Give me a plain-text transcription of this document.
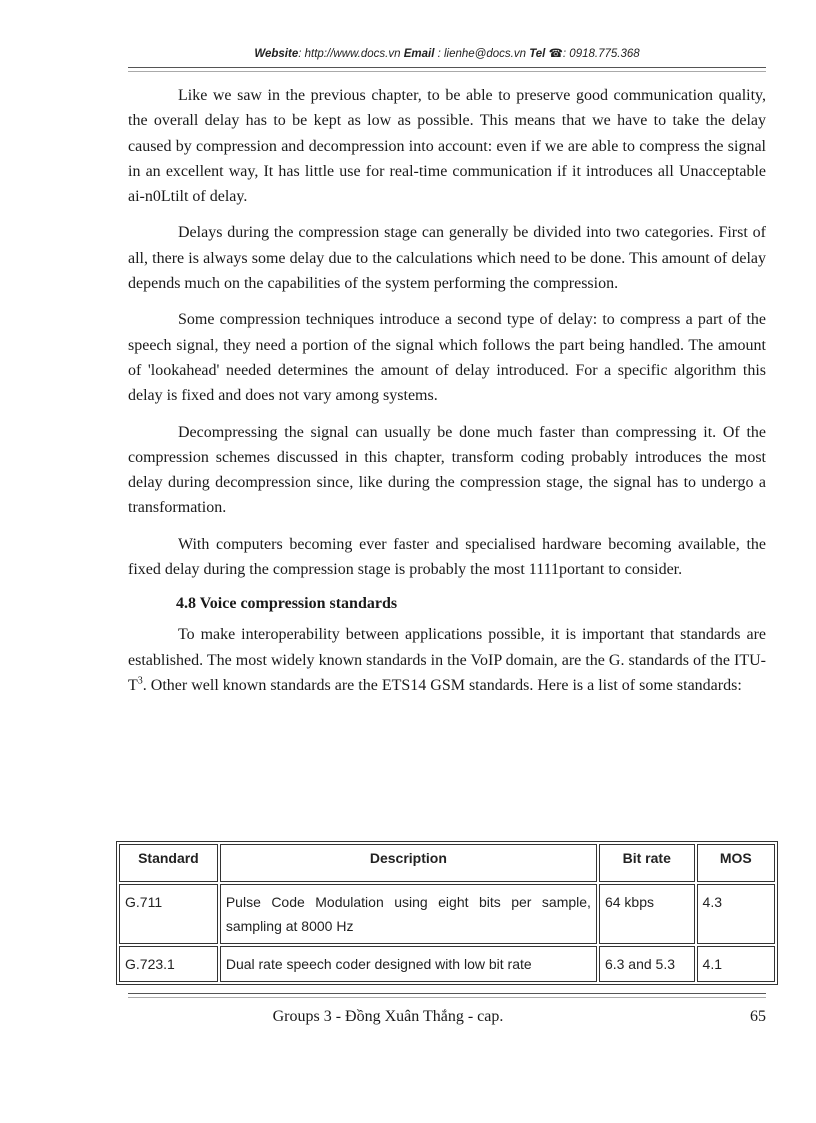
Website: http://www.docs.vn Email : lienhe@docs.vn Tel ☎: 0918.775.368

Like we saw in the previous chapter, to be able to preserve good communication quality, the overall delay has to be kept as low as possible. This means that we have to take the delay caused by compression and decompression into account: even if we are able to compress the signal in an excellent way, It has little use for real-time communication if it introduces all Unacceptable ai-n0Ltilt of delay.

Delays during the compression stage can generally be divided into two categories. First of all, there is always some delay due to the calculations which need to be done. This amount of delay depends much on the capabilities of the system performing the compression.

Some compression techniques introduce a second type of delay: to compress a part of the speech signal, they need a portion of the signal which follows the part being handled. The amount of 'lookahead' needed determines the amount of delay introduced. For a specific algorithm this delay is fixed and does not vary among systems.

Decompressing the signal can usually be done much faster than compressing it. Of the compression schemes discussed in this chapter, transform coding probably introduces the most delay during decompression since, like during the compression stage, the signal has to undergo a transformation.

With computers becoming ever faster and specialised hardware becoming available, the fixed delay during the compression stage is probably the most 1111portant to consider.

4.8 Voice compression standards

To make interoperability between applications possible, it is important that standards are established. The most widely known standards in the VoIP domain, are the G. standards of the ITU-$T^3$. Other well known standards are the ETS14 GSM standards. Here is a list of some standards:

Standard	Description	Bit rate	MOS
G.711	Pulse Code Modulation using eight bits per sample, sampling at 8000 Hz	64 kbps	4.3
G.723.1	Dual rate speech coder designed with low bit rate	6.3 and 5.3	4.1
Groups 3 - Đồng Xuân Thắng - cap.	65
